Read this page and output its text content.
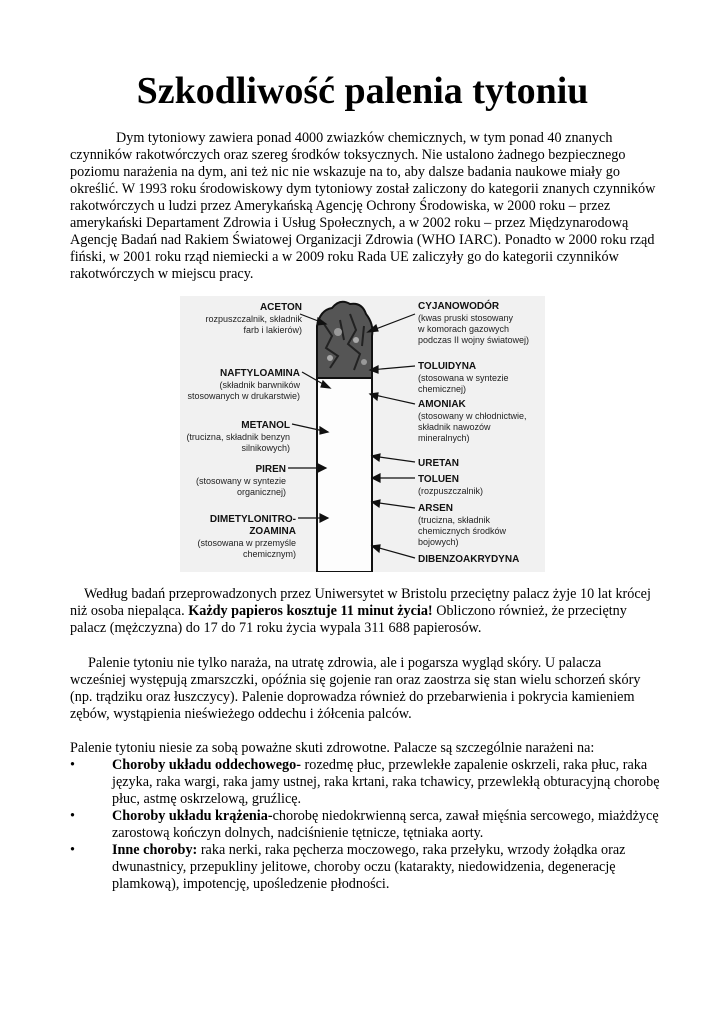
Szkodliwość palenia tytoniu

Dym tytoniowy zawiera ponad 4000 zwiazków chemicznych, w tym ponad 40 znanych czynników rakotwórczych oraz szereg środków toksycznych. Nie ustalono żadnego bezpiecznego poziomu narażenia na dym, ani też nic nie wskazuje na to, aby dalsze badania naukowe miały go określić. W 1993 roku środowiskowy dym tytoniowy został zaliczony do kategorii znanych czynników rakotwórczych u ludzi przez Amerykańską Agencję Ochrony Środowiska, w 2000 roku – przez amerykański Departament Zdrowia i Usług Społecznych, a w 2002 roku – przez Międzynarodową Agencję Badań nad Rakiem Światowej Organizacji Zdrowia (WHO IARC). Ponadto w 2000 roku rząd fiński, w 2001 roku rząd niemiecki a w 2009 roku Rada UE zaliczyły go do kategorii czynników rakotwórczych w miejscu pracy.

ACETON
rozpuszczalnik, składnik
farb i lakierów)
NAFTYLOAMINA
(składnik barwników
stosowanych w drukarstwie)
METANOL
(trucizna, składnik benzyn
silnikowych)
PIREN
(stosowany w syntezie
organicznej)
DIMETYLONITRO-
ZOAMINA
(stosowana w przemyśle
chemicznym)
CYJANOWODÓR
(kwas pruski stosowany
w komorach gazowych
podczas II wojny światowej)
TOLUIDYNA
(stosowana w syntezie
chemicznej)
AMONIAK
(stosowany w chłodnictwie,
składnik nawozów
mineralnych)
URETAN
TOLUEN
(rozpuszczalnik)
ARSEN
(trucizna, składnik
chemicznych środków
bojowych)
DIBENZOAKRYDYNA

Według badań przeprowadzonych przez Uniwersytet w Bristolu przeciętny palacz żyje 10 lat krócej niż osoba niepaląca. Każdy papieros kosztuje 11 minut życia! Obliczono również, że przeciętny palacz (mężczyzna) do 17 do 71 roku życia wypala 311 688 papierosów.

Palenie tytoniu nie tylko naraża, na utratę zdrowia, ale i pogarsza wygląd skóry. U palacza wcześniej występują zmarszczki, opóźnia się gojenie ran oraz zaostrza się stan wielu schorzeń skóry (np. trądziku oraz łuszczycy). Palenie doprowadza również do przebarwienia i pokrycia kamieniem zębów, wystąpienia nieświeżego oddechu i żółcenia palców.

Palenie tytoniu niesie za sobą poważne skuti zdrowotne. Palacze są szczególnie narażeni na:
•	Choroby układu oddechowego- rozedmę płuc, przewlekłe zapalenie oskrzeli, raka płuc, raka języka, raka wargi, raka jamy ustnej, raka krtani, raka tchawicy, przewlekłą obturacyjną chorobę płuc, astmę oskrzelową, gruźlicę.
•	Choroby układu krążenia-chorobę niedokrwienną serca, zawał mięśnia sercowego, miażdżycę zarostową kończyn dolnych, nadciśnienie tętnicze, tętniaka aorty.
•	Inne choroby: raka nerki, raka pęcherza moczowego, raka przełyku, wrzody żołądka oraz dwunastnicy, przepukliny jelitowe, choroby oczu (katarakty, niedowidzenia, degenerację plamkową), impotencję, upośledzenie płodności.
